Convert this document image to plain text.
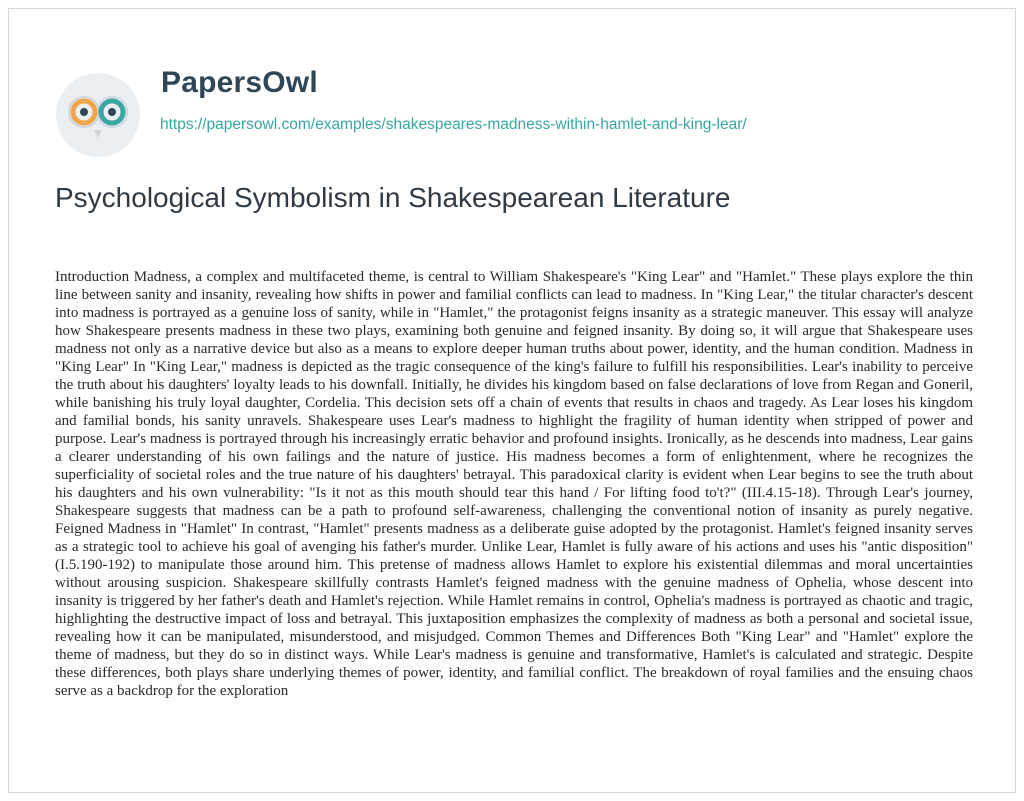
PapersOwl
https://papersowl.com/examples/shakespeares-madness-within-hamlet-and-king-lear/
Psychological Symbolism in Shakespearean Literature

Introduction Madness, a complex and multifaceted theme, is central to William Shakespeare's "King Lear" and "Hamlet." These plays explore the thin line between sanity and insanity, revealing how shifts in power and familial conflicts can lead to madness. In "King Lear," the titular character's descent into madness is portrayed as a genuine loss of sanity, while in "Hamlet," the protagonist feigns insanity as a strategic maneuver. This essay will analyze how Shakespeare presents madness in these two plays, examining both genuine and feigned insanity. By doing so, it will argue that Shakespeare uses madness not only as a narrative device but also as a means to explore deeper human truths about power, identity, and the human condition. Madness in "King Lear" In "King Lear," madness is depicted as the tragic consequence of the king's failure to fulfill his responsibilities. Lear's inability to perceive the truth about his daughters' loyalty leads to his downfall. Initially, he divides his kingdom based on false declarations of love from Regan and Goneril, while banishing his truly loyal daughter, Cordelia. This decision sets off a chain of events that results in chaos and tragedy. As Lear loses his kingdom and familial bonds, his sanity unravels. Shakespeare uses Lear's madness to highlight the fragility of human identity when stripped of power and purpose. Lear's madness is portrayed through his increasingly erratic behavior and profound insights. Ironically, as he descends into madness, Lear gains a clearer understanding of his own failings and the nature of justice. His madness becomes a form of enlightenment, where he recognizes the superficiality of societal roles and the true nature of his daughters' betrayal. This paradoxical clarity is evident when Lear begins to see the truth about his daughters and his own vulnerability: "Is it not as this mouth should tear this hand / For lifting food to't?" (III.4.15-18). Through Lear's journey, Shakespeare suggests that madness can be a path to profound self-awareness, challenging the conventional notion of insanity as purely negative. Feigned Madness in "Hamlet" In contrast, "Hamlet" presents madness as a deliberate guise adopted by the protagonist. Hamlet's feigned insanity serves as a strategic tool to achieve his goal of avenging his father's murder. Unlike Lear, Hamlet is fully aware of his actions and uses his "antic disposition" (I.5.190-192) to manipulate those around him. This pretense of madness allows Hamlet to explore his existential dilemmas and moral uncertainties without arousing suspicion. Shakespeare skillfully contrasts Hamlet's feigned madness with the genuine madness of Ophelia, whose descent into insanity is triggered by her father's death and Hamlet's rejection. While Hamlet remains in control, Ophelia's madness is portrayed as chaotic and tragic, highlighting the destructive impact of loss and betrayal. This juxtaposition emphasizes the complexity of madness as both a personal and societal issue, revealing how it can be manipulated, misunderstood, and misjudged. Common Themes and Differences Both "King Lear" and "Hamlet" explore the theme of madness, but they do so in distinct ways. While Lear's madness is genuine and transformative, Hamlet's is calculated and strategic. Despite these differences, both plays share underlying themes of power, identity, and familial conflict. The breakdown of royal families and the ensuing chaos serve as a backdrop for the exploration
